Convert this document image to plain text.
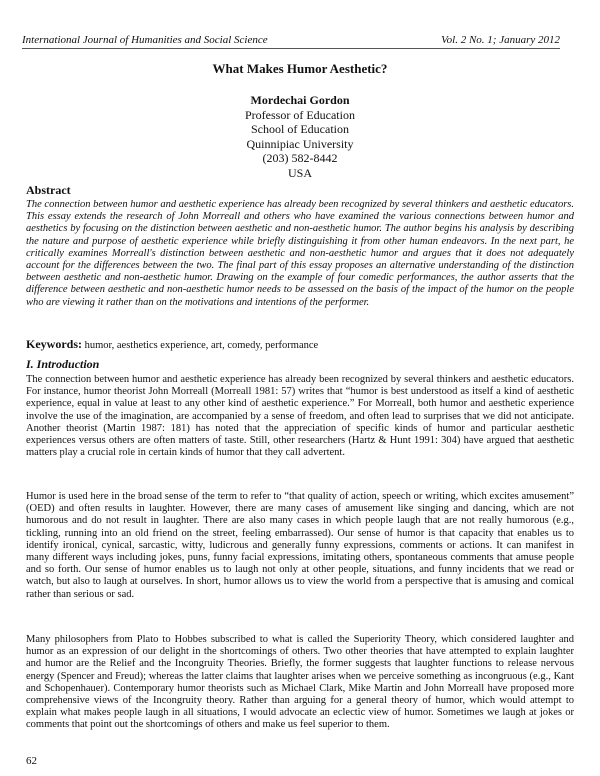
International Journal of Humanities and Social Science	Vol. 2 No. 1; January 2012
What Makes Humor Aesthetic?
Mordechai Gordon
Professor of Education
School of Education
Quinnipiac University
(203) 582-8442
USA
Abstract

The connection between humor and aesthetic experience has already been recognized by several thinkers and aesthetic educators. This essay extends the research of John Morreall and others who have examined the various connections between humor and aesthetics by focusing on the distinction between aesthetic and non-aesthetic humor. The author begins his analysis by describing the nature and purpose of aesthetic experience while briefly distinguishing it from other human endeavors. In the next part, he critically examines Morreall's distinction between aesthetic and non-aesthetic humor and argues that it does not adequately account for the differences between the two. The final part of this essay proposes an alternative understanding of the distinction between aesthetic and non-aesthetic humor. Drawing on the example of four comedic performances, the author asserts that the difference between aesthetic and non-aesthetic humor needs to be assessed on the basis of the impact of the humor on the people who are viewing it rather than on the motivations and intentions of the performer.

Keywords: humor, aesthetics experience, art, comedy, performance

I. Introduction

The connection between humor and aesthetic experience has already been recognized by several thinkers and aesthetic educators. For instance, humor theorist John Morreall (Morreall 1981: 57) writes that “humor is best understood as itself a kind of aesthetic experience, equal in value at least to any other kind of aesthetic experience.” For Morreall, both humor and aesthetic experience involve the use of the imagination, are accompanied by a sense of freedom, and often lead to surprises that we did not anticipate. Another theorist (Martin 1987: 181) has noted that the appreciation of specific kinds of humor and particular aesthetic experiences versus others are often matters of taste. Still, other researchers (Hartz & Hunt 1991: 304) have argued that aesthetic matters play a crucial role in certain kinds of humor that they call advertent.

Humor is used here in the broad sense of the term to refer to “that quality of action, speech or writing, which excites amusement” (OED) and often results in laughter. However, there are many cases of amusement like singing and dancing, which are not humorous and do not result in laughter. There are also many cases in which people laugh that are not really humorous (e.g., tickling, running into an old friend on the street, feeling embarrassed). Our sense of humor is that capacity that enables us to identify ironical, cynical, sarcastic, witty, ludicrous and generally funny expressions, comments or actions. It can manifest in many different ways including jokes, puns, funny facial expressions, imitating others, spontaneous comments that amuse people and so forth. Our sense of humor enables us to laugh not only at other people, situations, and funny incidents that we read or watch, but also to laugh at ourselves. In short, humor allows us to view the world from a perspective that is amusing and comical rather than serious or sad.

Many philosophers from Plato to Hobbes subscribed to what is called the Superiority Theory, which considered laughter and humor as an expression of our delight in the shortcomings of others. Two other theories that have attempted to explain laughter and humor are the Relief and the Incongruity Theories. Briefly, the former suggests that laughter functions to release nervous energy (Spencer and Freud); whereas the latter claims that laughter arises when we perceive something as incongruous (e.g., Kant and Schopenhauer). Contemporary humor theorists such as Michael Clark, Mike Martin and John Morreall have proposed more comprehensive views of the Incongruity theory. Rather than arguing for a general theory of humor, which would attempt to explain what makes people laugh in all situations, I would advocate an eclectic view of humor. Sometimes we laugh at jokes or comments that point out the shortcomings of others and make us feel superior to them.

62
